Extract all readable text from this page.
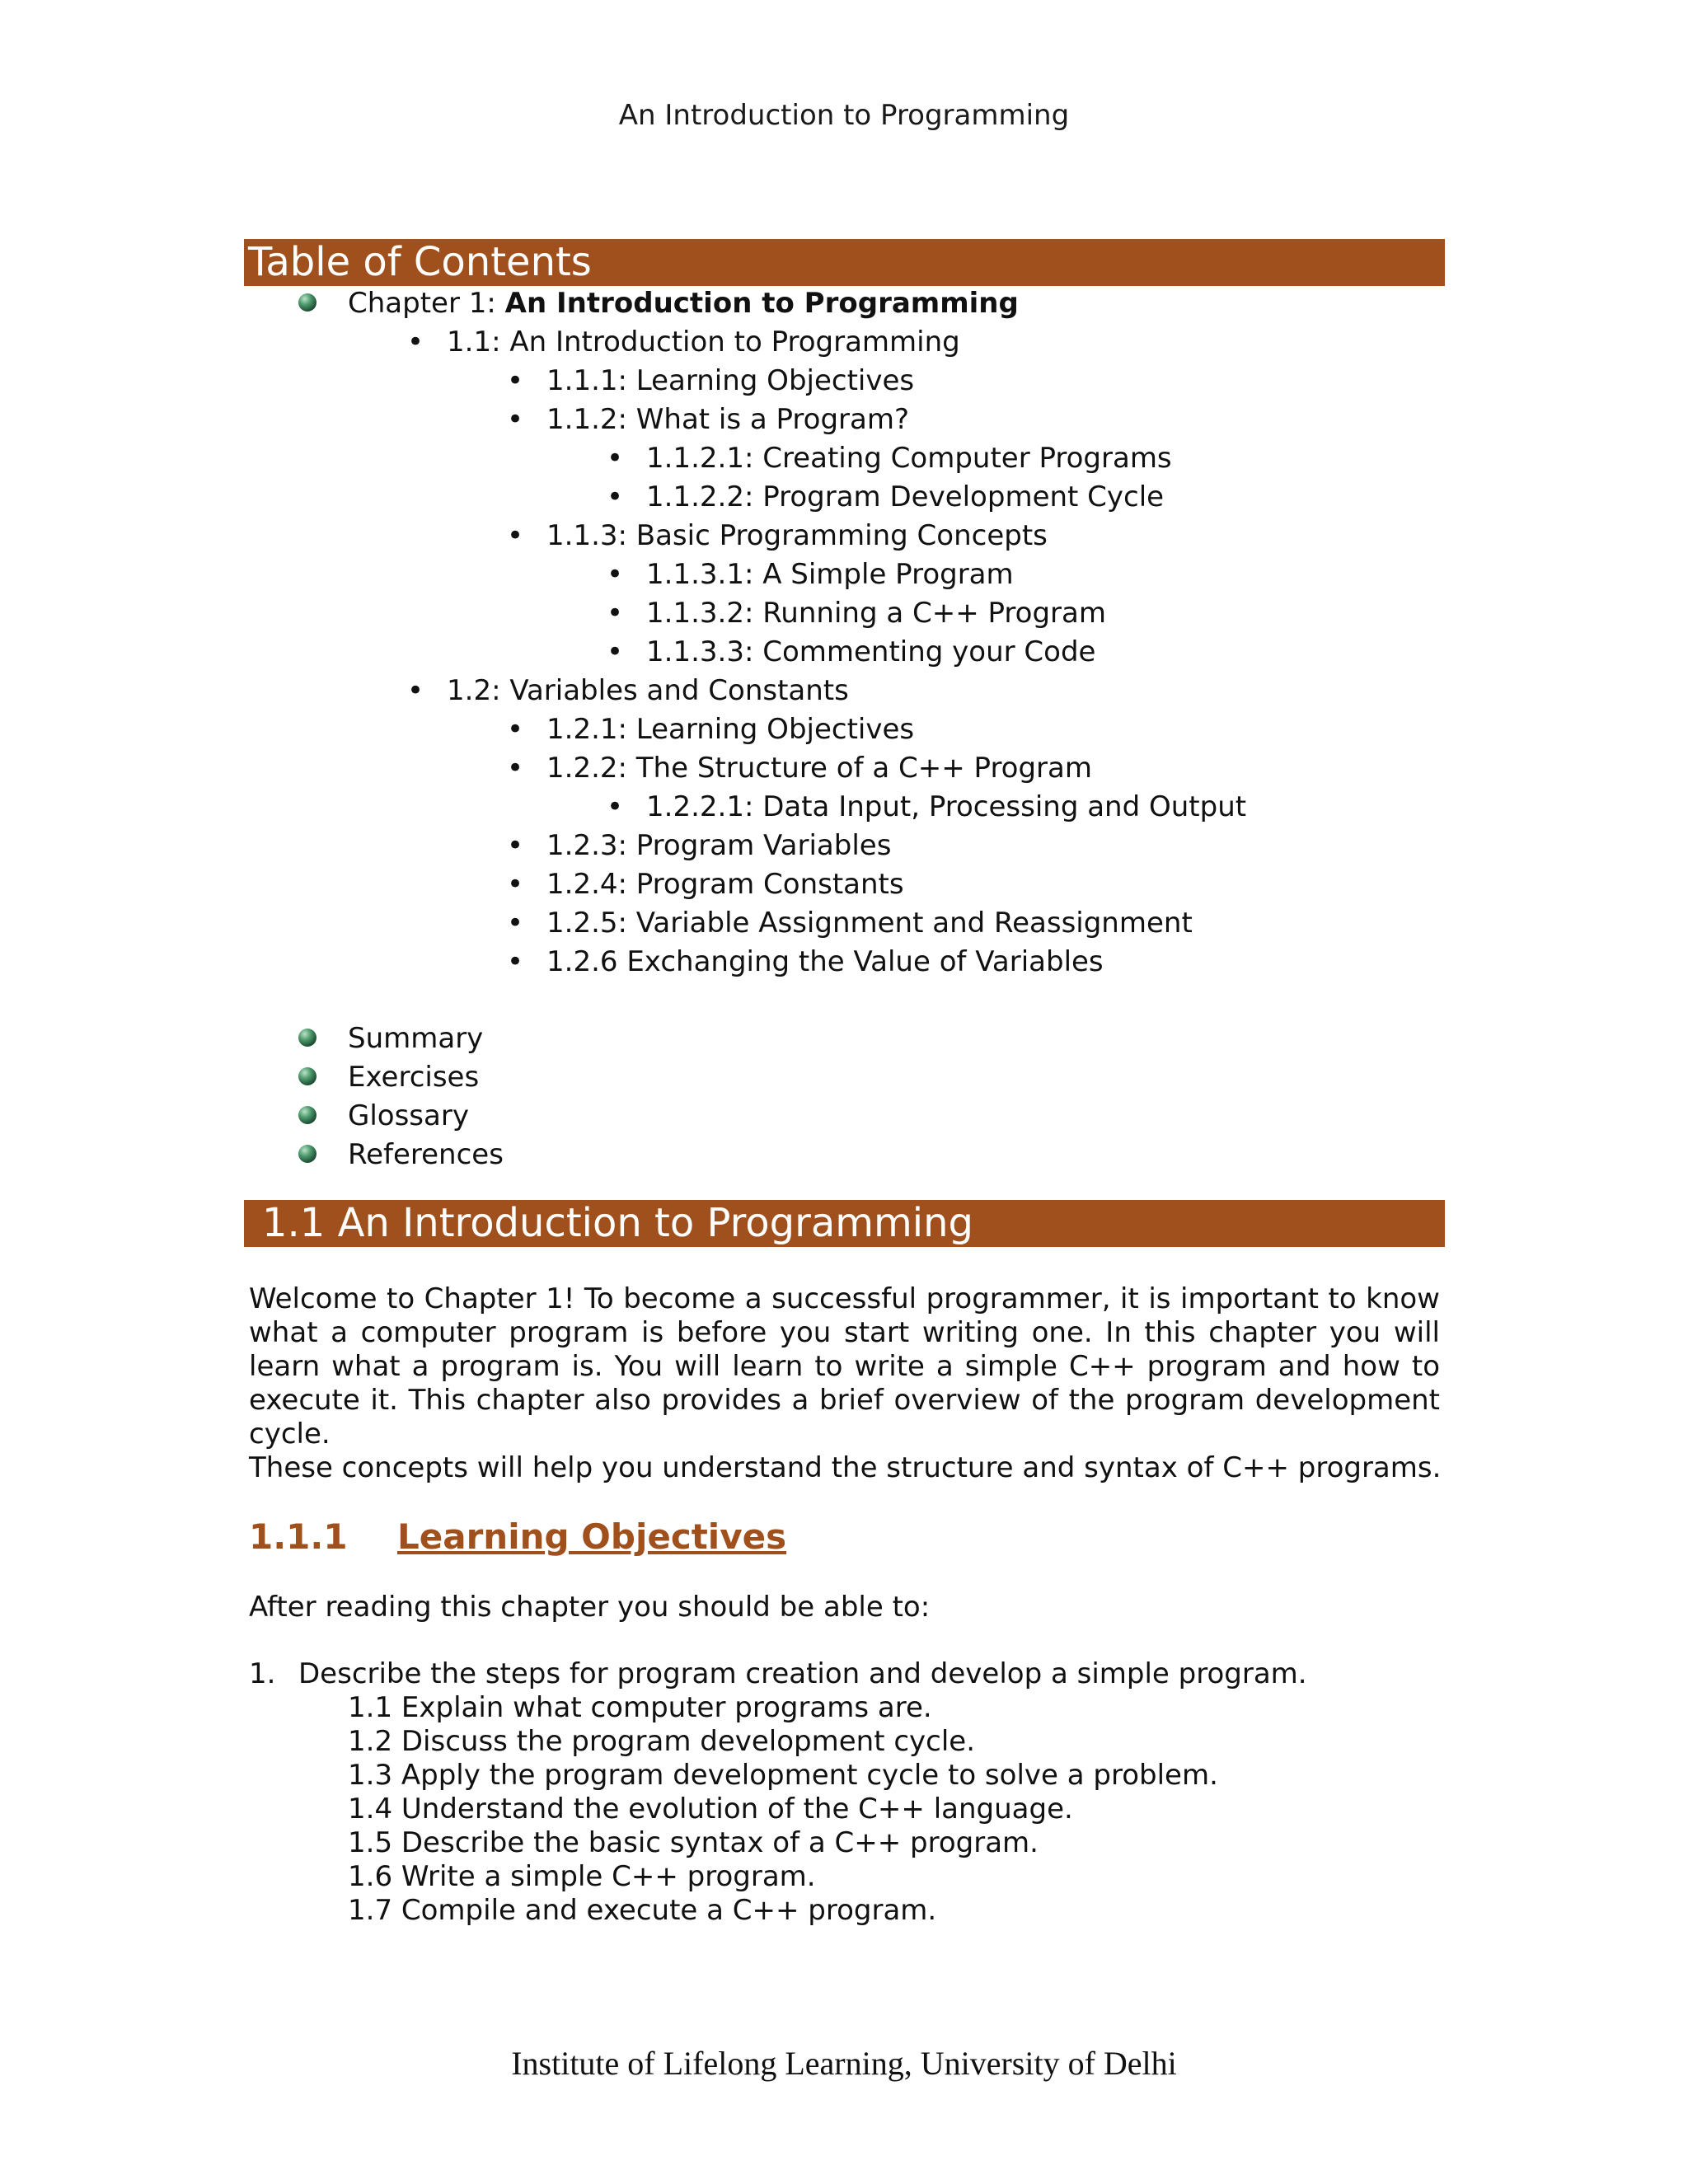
An Introduction to Programming
Table of Contents
Chapter 1: An Introduction to Programming
• 1.1: An Introduction to Programming
• 1.1.1: Learning Objectives
• 1.1.2: What is a Program?
• 1.1.2.1: Creating Computer Programs
• 1.1.2.2: Program Development Cycle
• 1.1.3: Basic Programming Concepts
• 1.1.3.1: A Simple Program
• 1.1.3.2: Running a C++ Program
• 1.1.3.3: Commenting your Code
• 1.2: Variables and Constants
• 1.2.1: Learning Objectives
• 1.2.2: The Structure of a C++ Program
• 1.2.2.1: Data Input, Processing and Output
• 1.2.3: Program Variables
• 1.2.4: Program Constants
• 1.2.5: Variable Assignment and Reassignment
• 1.2.6 Exchanging the Value of Variables
Summary
Exercises
Glossary
References
1.1 An Introduction to Programming
Welcome to Chapter 1! To become a successful programmer, it is important to know what a computer program is before you start writing one. In this chapter you will learn what a program is. You will learn to write a simple C++ program and how to execute it. This chapter also provides a brief overview of the program development cycle.
These concepts will help you understand the structure and syntax of C++ programs.
1.1.1 Learning Objectives
After reading this chapter you should be able to:
1. Describe the steps for program creation and develop a simple program.
1.1 Explain what computer programs are.
1.2 Discuss the program development cycle.
1.3 Apply the program development cycle to solve a problem.
1.4 Understand the evolution of the C++ language.
1.5 Describe the basic syntax of a C++ program.
1.6 Write a simple C++ program.
1.7 Compile and execute a C++ program.
Institute of Lifelong Learning, University of Delhi
